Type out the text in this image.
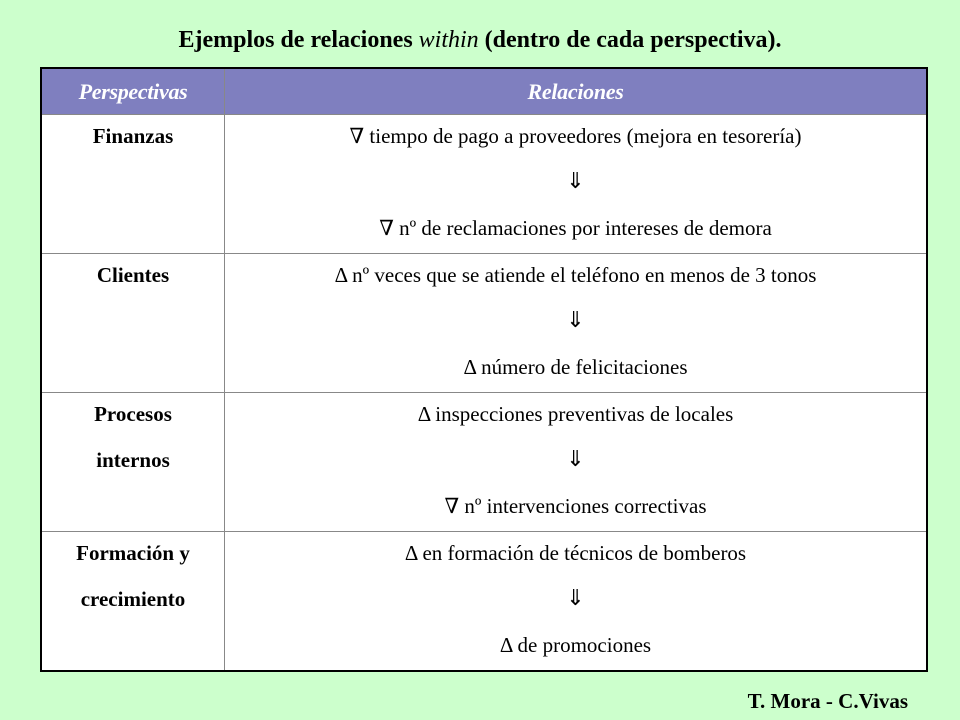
Ejemplos de relaciones within (dentro de cada perspectiva).
Perspectivas	Relaciones

Finanzas	∇ tiempo de pago a proveedores (mejora en tesorería)
⇓
∇ nº de reclamaciones por intereses de demora

Clientes	Δ nº veces que se atiende el teléfono en menos de 3 tonos
⇓
Δ número de felicitaciones

Procesos
internos	Δ inspecciones preventivas de locales
⇓
∇ nº intervenciones correctivas

Formación y
crecimiento	Δ en formación de técnicos de bomberos
⇓
Δ de promociones
T. Mora - C.Vivas
